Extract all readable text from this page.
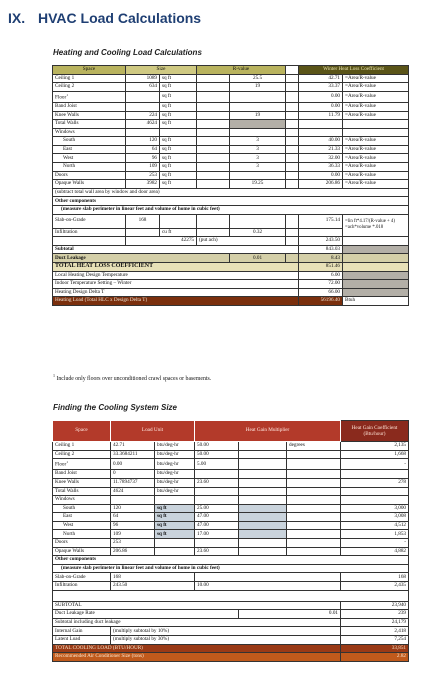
IX. HVAC Load Calculations
Heating and Cooling Load Calculations
Space	Size		R-value			Winter Heat Loss Coefficient	
Ceiling 1	1089	sq ft		25.5		42.71	=Area/R-value
Ceiling 2	634	sq ft		19		33.37	=Area/R-value
Floor$^1$		sq ft				0.00	=Area/R-value
Band Joist		sq ft				0.00	=Area/R-value
Knee Walls	224	sq ft		19		11.79	=Area/R-value
Total Walls	4624	sq ft					
Windows							
South	120	sq ft		3		40.00	=Area/R-value
East	64	sq ft		3		21.33	=Area/R-value
West	96	sq ft		3		32.00	=Area/R-value
North	109	sq ft		3		36.33	=Area/R-value
Doors	253	sq ft				0.00	=Area/R-value
Opaque Walls	3982	sq ft		19.25		206.86	=Area/R-value
(subtract total wall area by window and door area)							
Other components							
(measure slab perimeter in linear feet and volume of home in cubic feet)							
Slab-on-Grade	168					175.14	=lin ft*4.17/(R-value + 4)
=ach*volume *.018

Infiltration		cu ft		0.32			
	42275		(put ach)			243.50	
Subtotal						843.03	
Duct Leakage				0.01		8.43	
TOTAL HEAT LOSS COEFFICIENT						851.46	
Local Heating Design Temperature						6.00	
Indoor Temperature Setting – Winter						72.00	
Heating Design Delta T						66.00	
Heating Load (Total HLC x Design Delta T)						56196.40	Btuh
$^1$ Include only floors over unconditioned crawl spaces or basements.
Finding the Cooling System Size
Space	Load Unit		Heat Gain Multiplier			Heat Gain Coefficient (Btu/hour)
Ceiling 1	42.71	btu/deg-hr	50.00		degrees	2,135
Ceiling 2	33.3684211	btu/deg-hr	50.00			1,668
Floor$^1$	0.00	btu/deg-hr	5.00			-
Band Joist	0	btu/deg-hr				
Knee Walls	11.7894737	btu/deg-hr	23.60			278
Total Walls	4624	btu/deg-hr				
Windows						
South	120	sq ft	25.00			3,000
East	64	sq ft	47.00			3,008
West	96	sq ft	47.00			4,512
North	109	sq ft	17.00			1,853
Doors	253					-
Opaque Walls	206.86		23.60			4,882
Other components						
(measure slab perimeter in linear feet and volume of home in cubic feet)						
Slab-on-Grade	168					168
Infiltration	243.50		10.00			2,435

SUBTOTAL						23,940
Duct Leakage Rate				0.01		239
Subtotal including duct leakage						24,179
Internal Gain	(multiply subtotal by 10%)					2,418
Latent Load	(multiply subtotal by 30%)					7,254
TOTAL COOLING LOAD (BTU/HOUR)						33,851
Recommended Air Conditioner Size (tons)						2.82
